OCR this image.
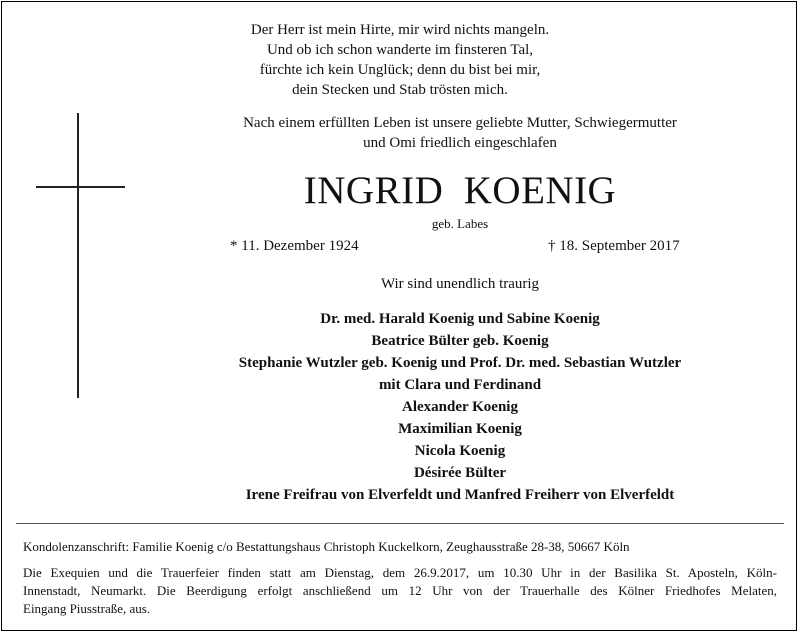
Der Herr ist mein Hirte, mir wird nichts mangeln.
Und ob ich schon wanderte im finsteren Tal,
fürchte ich kein Unglück; denn du bist bei mir,
dein Stecken und Stab trösten mich.
Nach einem erfüllten Leben ist unsere geliebte Mutter, Schwiegermutter
und Omi friedlich eingeschlafen
INGRID  KOENIG
geb. Labes
* 11. Dezember 1924	† 18. September 2017
Wir sind unendlich traurig
Dr. med. Harald Koenig und Sabine Koenig
Beatrice Bülter geb. Koenig
Stephanie Wutzler geb. Koenig und Prof. Dr. med. Sebastian Wutzler
mit Clara und Ferdinand
Alexander Koenig
Maximilian Koenig
Nicola Koenig
Désirée Bülter
Irene Freifrau von Elverfeldt und Manfred Freiherr von Elverfeldt
Kondolenzanschrift: Familie Koenig c/o Bestattungshaus Christoph Kuckelkorn, Zeughausstraße 28-38, 50667 Köln
Die Exequien und die Trauerfeier finden statt am Dienstag, dem 26.9.2017, um 10.30 Uhr in der Basilika St. Aposteln, Köln-
Innenstadt, Neumarkt. Die Beerdigung erfolgt anschließend um 12 Uhr von der Trauerhalle des Kölner Friedhofes Melaten,
Eingang Piusstraße, aus.
